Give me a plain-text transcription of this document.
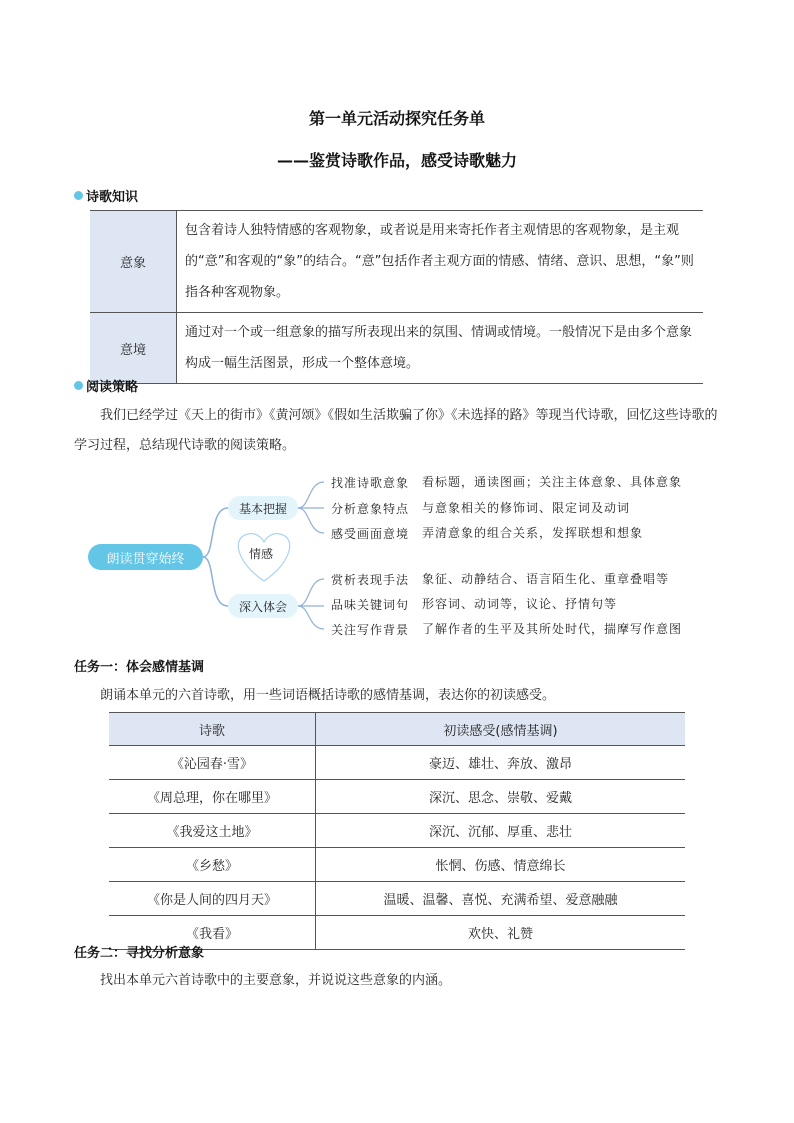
第一单元活动探究任务单
——鉴赏诗歌作品，感受诗歌魅力
诗歌知识
意象	包含着诗人独特情感的客观物象，或者说是用来寄托作者主观情思的客观物象，是主观的“意”和客观的“象”的结合。“意”包括作者主观方面的情感、情绪、意识、思想，“象”则指各种客观物象。
意境	通过对一个或一组意象的描写所表现出来的氛围、情调或情境。一般情况下是由多个意象构成一幅生活图景，形成一个整体意境。
阅读策略
我们已经学过《天上的街市》《黄河颂》《假如生活欺骗了你》《未选择的路》等现当代诗歌，回忆这些诗歌的学习过程，总结现代诗歌的阅读策略。
朗读贯穿始终	情感
基本把握
深入体会
找准诗歌意象	看标题，通读图画；关注主体意象、具体意象
分析意象特点	与意象相关的修饰词、限定词及动词
感受画面意境	弄清意象的组合关系，发挥联想和想象
赏析表现手法	象征、动静结合、语言陌生化、重章叠唱等
品味关键词句	形容词、动词等，议论、抒情句等
关注写作背景	了解作者的生平及其所处时代，揣摩写作意图
任务一：体会感情基调
朗诵本单元的六首诗歌，用一些词语概括诗歌的感情基调，表达你的初读感受。
诗歌	初读感受(感情基调)
《沁园春·雪》	豪迈、雄壮、奔放、激昂
《周总理，你在哪里》	深沉、思念、崇敬、爱戴
《我爱这土地》	深沉、沉郁、厚重、悲壮
《乡愁》	怅惘、伤感、情意绵长
《你是人间的四月天》	温暖、温馨、喜悦、充满希望、爱意融融
《我看》	欢快、礼赞
任务二：寻找分析意象
找出本单元六首诗歌中的主要意象，并说说这些意象的内涵。
